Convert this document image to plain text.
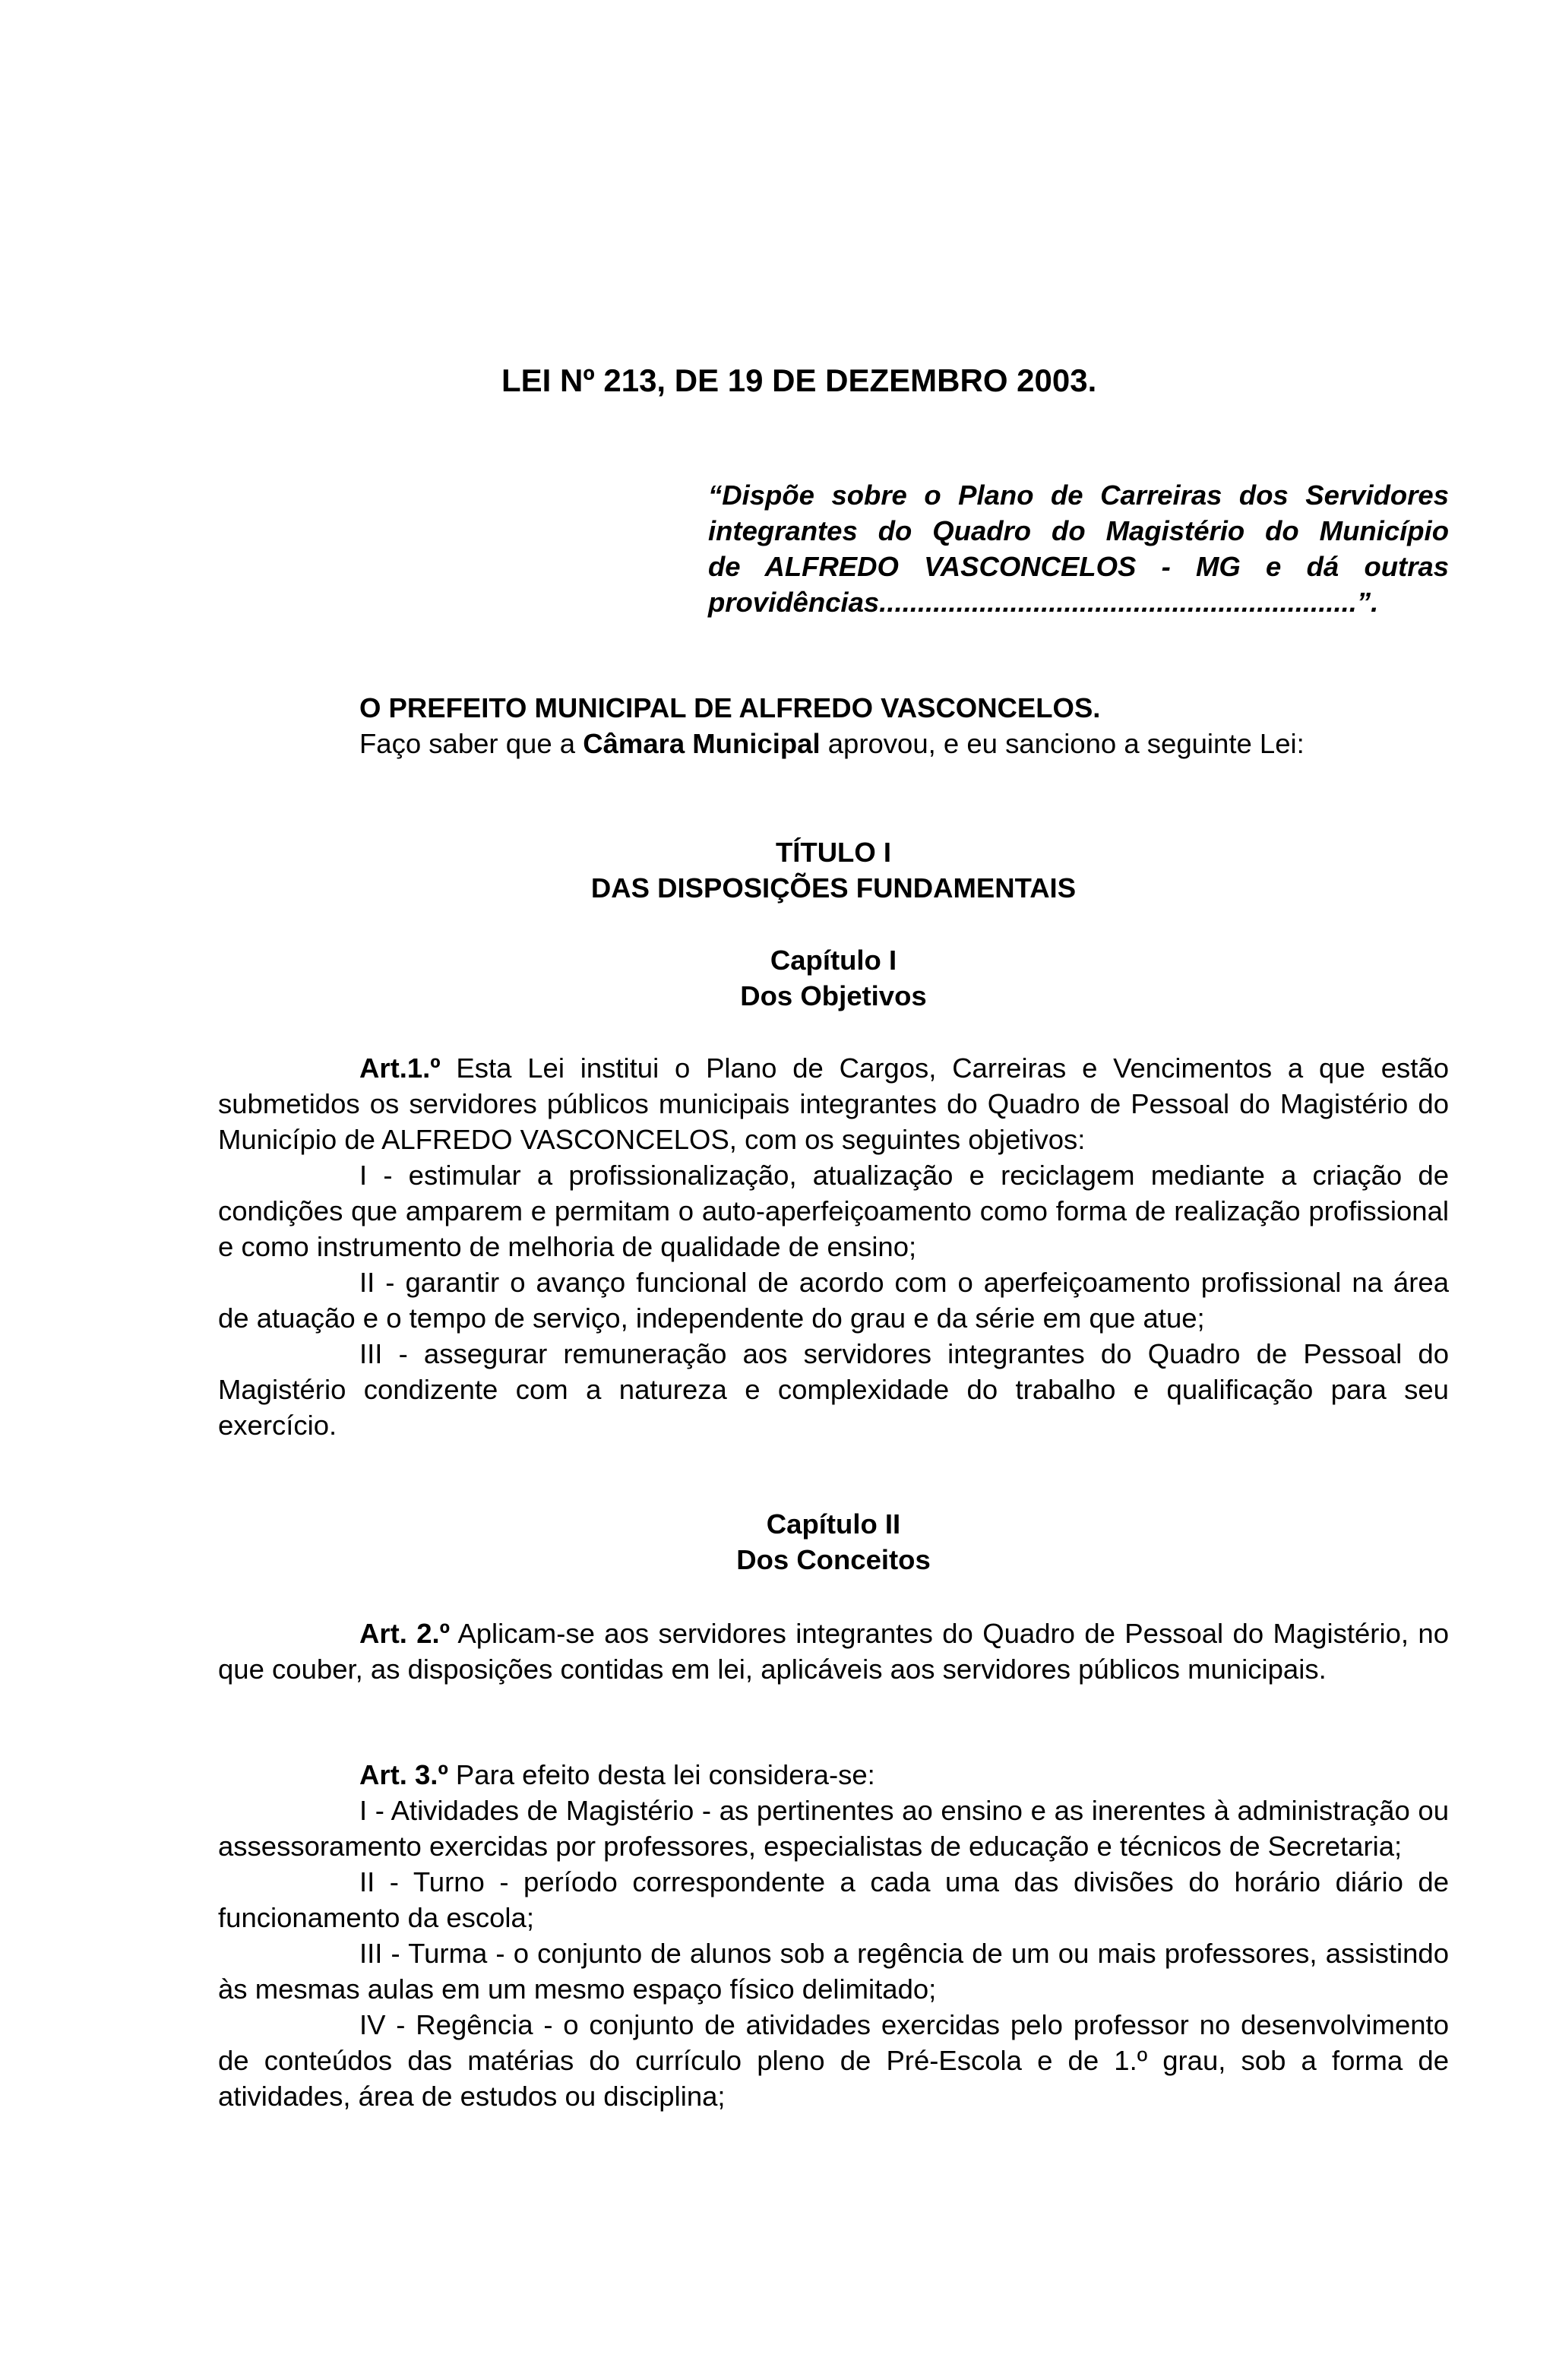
LEI Nº 213, DE 19 DE DEZEMBRO 2003.
“Dispõe sobre o Plano de Carreiras dos Servidores
integrantes do Quadro do Magistério do Município
de ALFREDO VASCONCELOS - MG e dá outras
providências..............................................................”.
O PREFEITO MUNICIPAL DE ALFREDO VASCONCELOS.
Faço saber que a Câmara Municipal aprovou, e eu sanciono a seguinte Lei:
TÍTULO I
DAS DISPOSIÇÕES FUNDAMENTAIS
Capítulo I
Dos Objetivos

Art.1.º Esta Lei institui o Plano de Cargos, Carreiras e Vencimentos a que estão submetidos os servidores públicos municipais integrantes do Quadro de Pessoal do Magistério do Município de ALFREDO VASCONCELOS, com os seguintes objetivos:

I - estimular a profissionalização, atualização e reciclagem mediante a criação de condições que amparem e permitam o auto-aperfeiçoamento como forma de realização profissional e como instrumento de melhoria de qualidade de ensino;

II - garantir o avanço funcional de acordo com o aperfeiçoamento profissional na área de atuação e o tempo de serviço, independente do grau e da série em que atue;

III - assegurar remuneração aos servidores integrantes do Quadro de Pessoal do Magistério condizente com a natureza e complexidade do trabalho e qualificação para seu exercício.

Capítulo II
Dos Conceitos

Art. 2.º Aplicam-se aos servidores integrantes do Quadro de Pessoal do Magistério, no que couber, as disposições contidas em lei, aplicáveis aos servidores públicos municipais.

Art. 3.º Para efeito desta lei considera-se:

I - Atividades de Magistério - as pertinentes ao ensino e as inerentes à administração ou assessoramento exercidas por professores, especialistas de educação e técnicos de Secretaria;

II - Turno - período correspondente a cada uma das divisões do horário diário de funcionamento da escola;

III - Turma - o conjunto de alunos sob a regência de um ou mais professores, assistindo às mesmas aulas em um mesmo espaço físico delimitado;

IV - Regência - o conjunto de atividades exercidas pelo professor no desenvolvimento de conteúdos das matérias do currículo pleno de Pré-Escola e de 1.º grau, sob a forma de atividades, área de estudos ou disciplina;
